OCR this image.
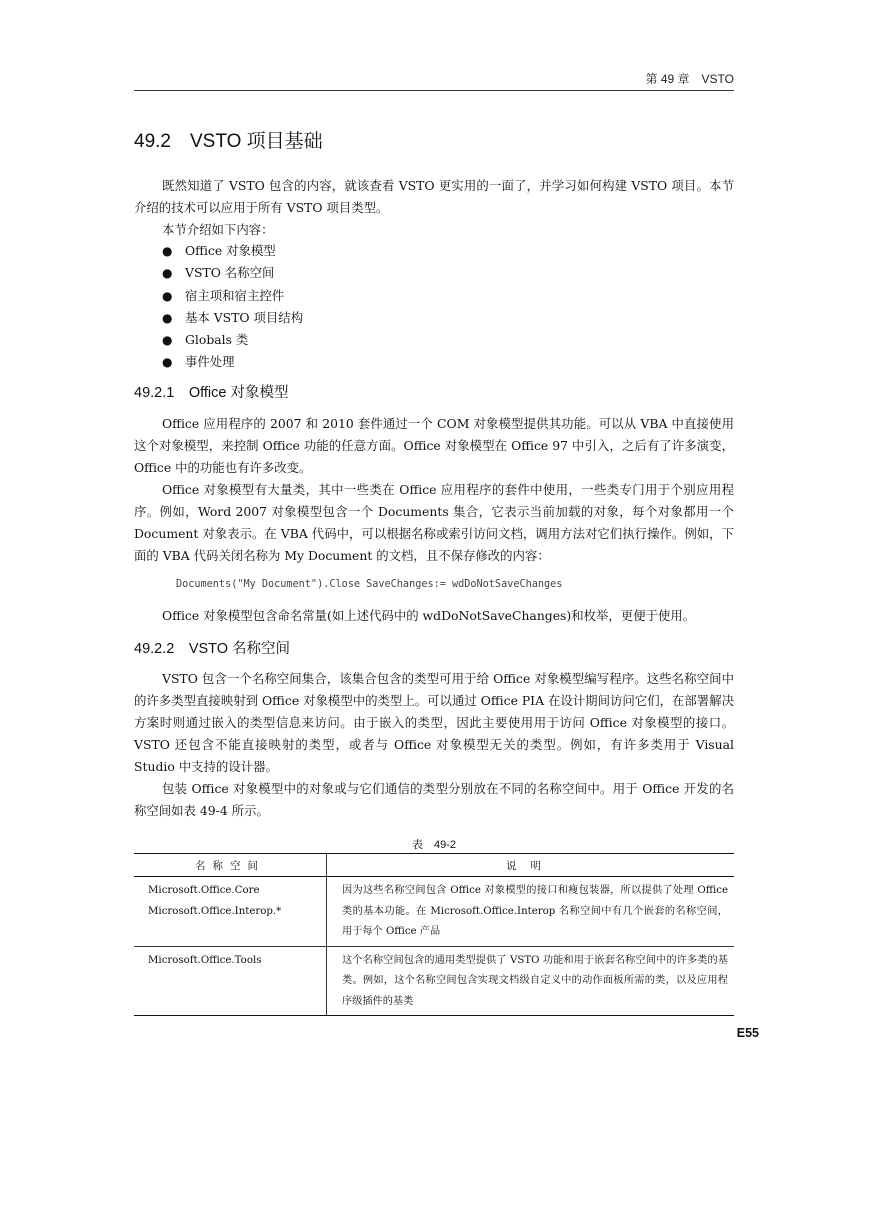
第 49 章　VSTO
49.2　VSTO 项目基础

既然知道了 VSTO 包含的内容，就该查看 VSTO 更实用的一面了，并学习如何构建 VSTO 项目。本节介绍的技术可以应用于所有 VSTO 项目类型。

本节介绍如下内容：

● Office 对象模型
● VSTO 名称空间
● 宿主项和宿主控件
● 基本 VSTO 项目结构
● Globals 类
● 事件处理
49.2.1　Office 对象模型

Office 应用程序的 2007 和 2010 套件通过一个 COM 对象模型提供其功能。可以从 VBA 中直接使用这个对象模型，来控制 Office 功能的任意方面。Office 对象模型在 Office 97 中引入，之后有了许多演变，Office 中的功能也有许多改变。

Office 对象模型有大量类，其中一些类在 Office 应用程序的套件中使用，一些类专门用于个别应用程序。例如，Word 2007 对象模型包含一个 Documents 集合，它表示当前加载的对象，每个对象都用一个 Document 对象表示。在 VBA 代码中，可以根据名称或索引访问文档，调用方法对它们执行操作。例如，下面的 VBA 代码关闭名称为 My Document 的文档，且不保存修改的内容：

Documents("My Document").Close SaveChanges:= wdDoNotSaveChanges

Office 对象模型包含命名常量(如上述代码中的 wdDoNotSaveChanges)和枚举，更便于使用。

49.2.2　VSTO 名称空间

VSTO 包含一个名称空间集合，该集合包含的类型可用于给 Office 对象模型编写程序。这些名称空间中的许多类型直接映射到 Office 对象模型中的类型上。可以通过 Office PIA 在设计期间访问它们，在部署解决方案时则通过嵌入的类型信息来访问。由于嵌入的类型，因此主要使用用于访问 Office 对象模型的接口。VSTO 还包含不能直接映射的类型，或者与 Office 对象模型无关的类型。例如，有许多类用于 Visual Studio 中支持的设计器。

包装 Office 对象模型中的对象或与它们通信的类型分别放在不同的名称空间中。用于 Office 开发的名称空间如表 49-4 所示。

表　49-2
名称空间	说明

Microsoft.Office.Core
Microsoft.Office.Interop.*	因为这些名称空间包含 Office 对象模型的接口和瘦包装器，所以提供了处理 Office 类的基本功能。在 Microsoft.Office.Interop 名称空间中有几个嵌套的名称空间，用于每个 Office 产品

Microsoft.Office.Tools	这个名称空间包含的通用类型提供了 VSTO 功能和用于嵌套名称空间中的许多类的基类。例如，这个名称空间包含实现文档级自定义中的动作面板所需的类，以及应用程序级插件的基类
E55
